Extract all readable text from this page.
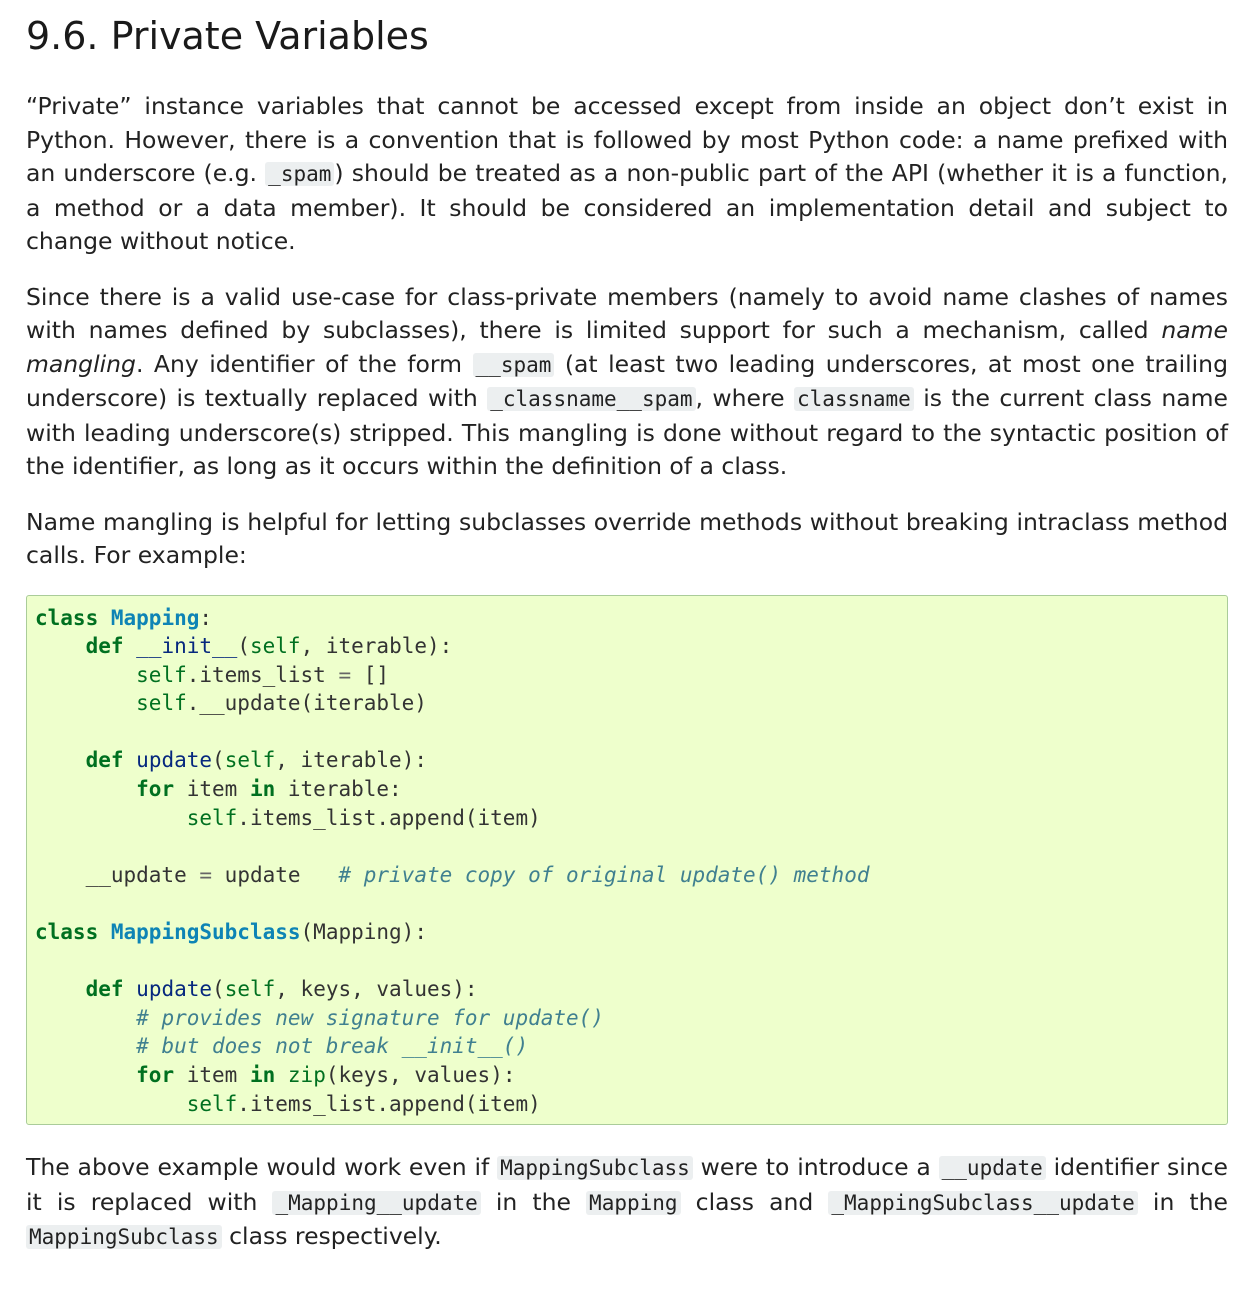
9.6. Private Variables

“Private” instance variables that cannot be accessed except from inside an object don’t exist in Python. However, there is a convention that is followed by most Python code: a name prefixed with an underscore (e.g. _spam ) should be treated as a non-public part of the API (whether it is a function, a method or a data member). It should be considered an implementation detail and subject to change without notice.

Since there is a valid use-case for class-private members (namely to avoid name clashes of names with names defined by subclasses), there is limited support for such a mechanism, called name mangling. Any identifier of the form __spam (at least two leading underscores, at most one trailing underscore) is textually replaced with _classname__spam , where classname is the current class name with leading underscore(s) stripped. This mangling is done without regard to the syntactic position of the identifier, as long as it occurs within the definition of a class.

Name mangling is helpful for letting subclasses override methods without breaking intraclass method calls. For example:

class Mapping:
def __init__(self, iterable):
self.items_list = []
self.__update(iterable)

def update(self, iterable):
for item in iterable:
self.items_list.append(item)

__update = update   # private copy of original update() method

class MappingSubclass(Mapping):

def update(self, keys, values):
# provides new signature for update()
# but does not break __init__()
for item in zip(keys, values):
self.items_list.append(item)

The above example would work even if MappingSubclass were to introduce a __update identifier since it is replaced with _Mapping__update in the Mapping class and _MappingSubclass__update in the MappingSubclass class respectively.
